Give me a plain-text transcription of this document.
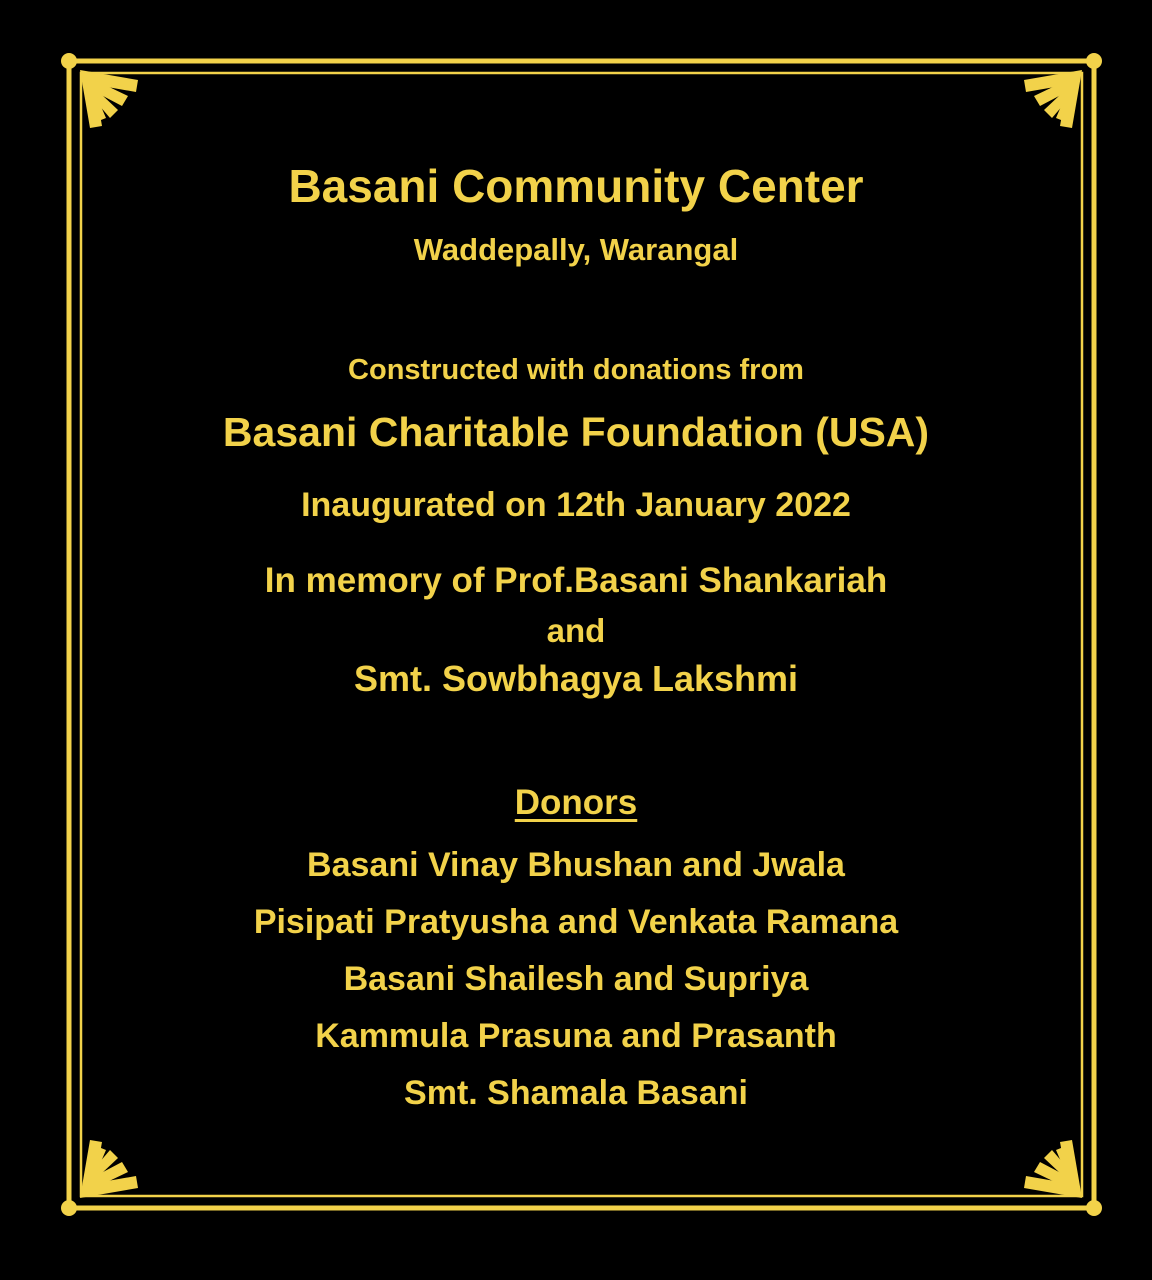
Basani Community Center
Waddepally, Warangal
Constructed with donations from
Basani Charitable Foundation (USA)
Inaugurated on 12th January 2022
In memory of Prof.Basani Shankariah
and
Smt. Sowbhagya Lakshmi
Donors
Basani Vinay Bhushan and Jwala
Pisipati Pratyusha and Venkata Ramana
Basani Shailesh and Supriya
Kammula Prasuna and Prasanth
Smt. Shamala Basani
